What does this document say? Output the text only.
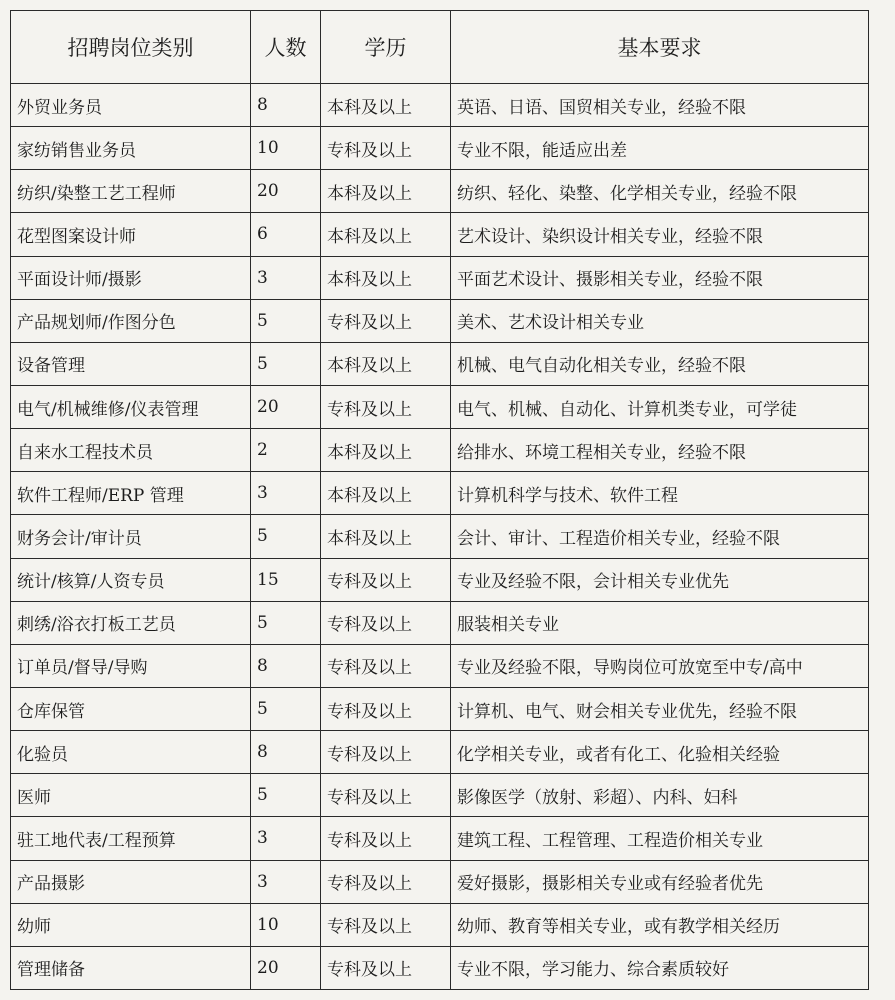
招聘岗位类别	人数	学历	基本要求
外贸业务员	8	本科及以上	英语、日语、国贸相关专业，经验不限
家纺销售业务员	10	专科及以上	专业不限，能适应出差
纺织/染整工艺工程师	20	本科及以上	纺织、轻化、染整、化学相关专业，经验不限
花型图案设计师	6	本科及以上	艺术设计、染织设计相关专业，经验不限
平面设计师/摄影	3	本科及以上	平面艺术设计、摄影相关专业，经验不限
产品规划师/作图分色	5	专科及以上	美术、艺术设计相关专业
设备管理	5	本科及以上	机械、电气自动化相关专业，经验不限
电气/机械维修/仪表管理	20	专科及以上	电气、机械、自动化、计算机类专业，可学徒
自来水工程技术员	2	本科及以上	给排水、环境工程相关专业，经验不限
软件工程师/ERP 管理	3	本科及以上	计算机科学与技术、软件工程
财务会计/审计员	5	本科及以上	会计、审计、工程造价相关专业，经验不限
统计/核算/人资专员	15	专科及以上	专业及经验不限，会计相关专业优先
刺绣/浴衣打板工艺员	5	专科及以上	服装相关专业
订单员/督导/导购	8	专科及以上	专业及经验不限，导购岗位可放宽至中专/高中
仓库保管	5	专科及以上	计算机、电气、财会相关专业优先，经验不限
化验员	8	专科及以上	化学相关专业，或者有化工、化验相关经验
医师	5	专科及以上	影像医学（放射、彩超）、内科、妇科
驻工地代表/工程预算	3	专科及以上	建筑工程、工程管理、工程造价相关专业
产品摄影	3	专科及以上	爱好摄影，摄影相关专业或有经验者优先
幼师	10	专科及以上	幼师、教育等相关专业，或有教学相关经历
管理储备	20	专科及以上	专业不限，学习能力、综合素质较好
